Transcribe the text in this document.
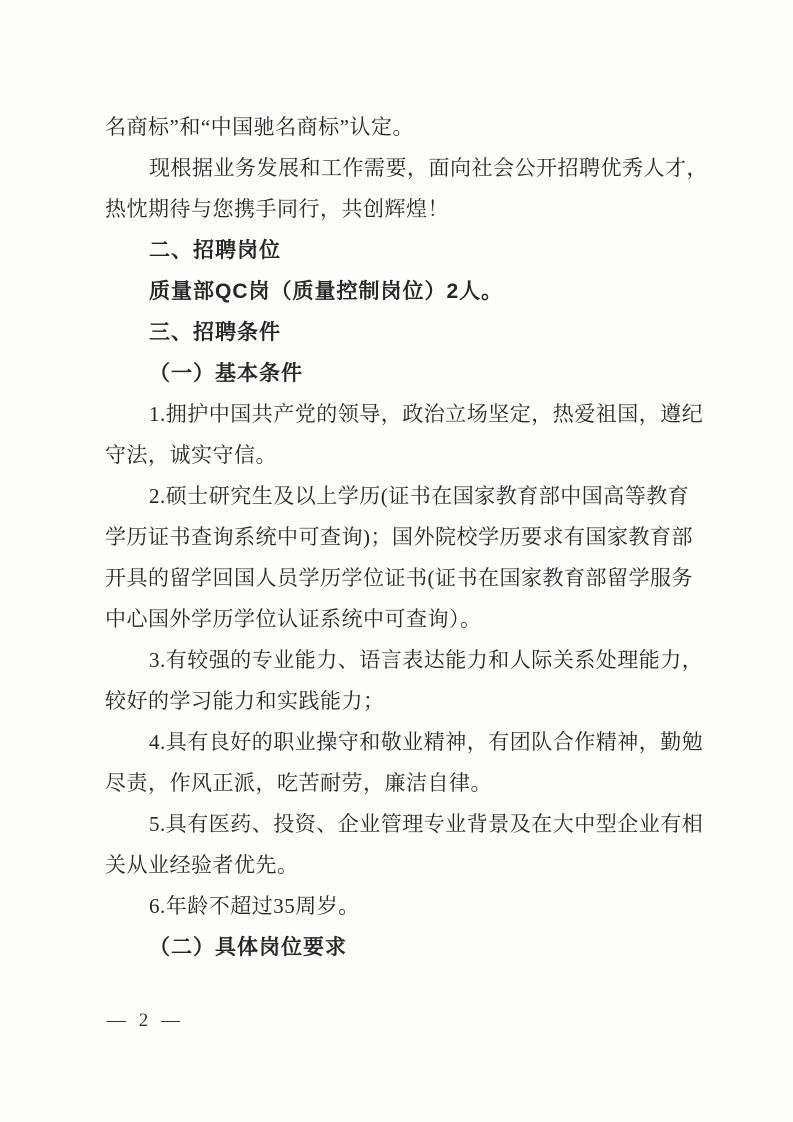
名商标”和“中国驰名商标”认定。
现根据业务发展和工作需要，面向社会公开招聘优秀人才，
热忱期待与您携手同行，共创辉煌！
二、招聘岗位
质量部QC岗（质量控制岗位）2人。
三、招聘条件
（一）基本条件
1.拥护中国共产党的领导，政治立场坚定，热爱祖国，遵纪
守法，诚实守信。
2.硕士研究生及以上学历(证书在国家教育部中国高等教育
学历证书查询系统中可查询)；国外院校学历要求有国家教育部
开具的留学回国人员学历学位证书(证书在国家教育部留学服务
中心国外学历学位认证系统中可查询）。
3.有较强的专业能力、语言表达能力和人际关系处理能力，
较好的学习能力和实践能力；
4.具有良好的职业操守和敬业精神，有团队合作精神，勤勉
尽责，作风正派，吃苦耐劳，廉洁自律。
5.具有医药、投资、企业管理专业背景及在大中型企业有相
关从业经验者优先。
6.年龄不超过35周岁。
（二）具体岗位要求
— 2 —
